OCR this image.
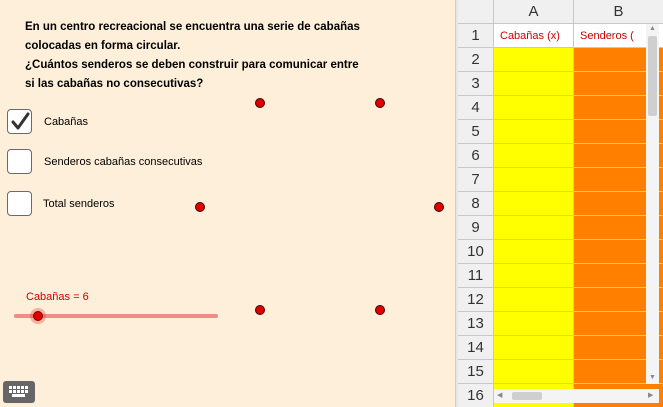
En un centro recreacional se encuentra una serie de cabañas
colocadas en forma circular.
¿Cuántos senderos se deben construir para comunicar entre
si las cabañas no consecutivas?
Cabañas
Senderos cabañas consecutivas
Total senderos
Cabañas = 6
A	B
1	Cabañas (x)	Senderos (
2
3
4
5
6
7
8
9
10
11
12
13
14
15
16
▲
▼
◀	▶
